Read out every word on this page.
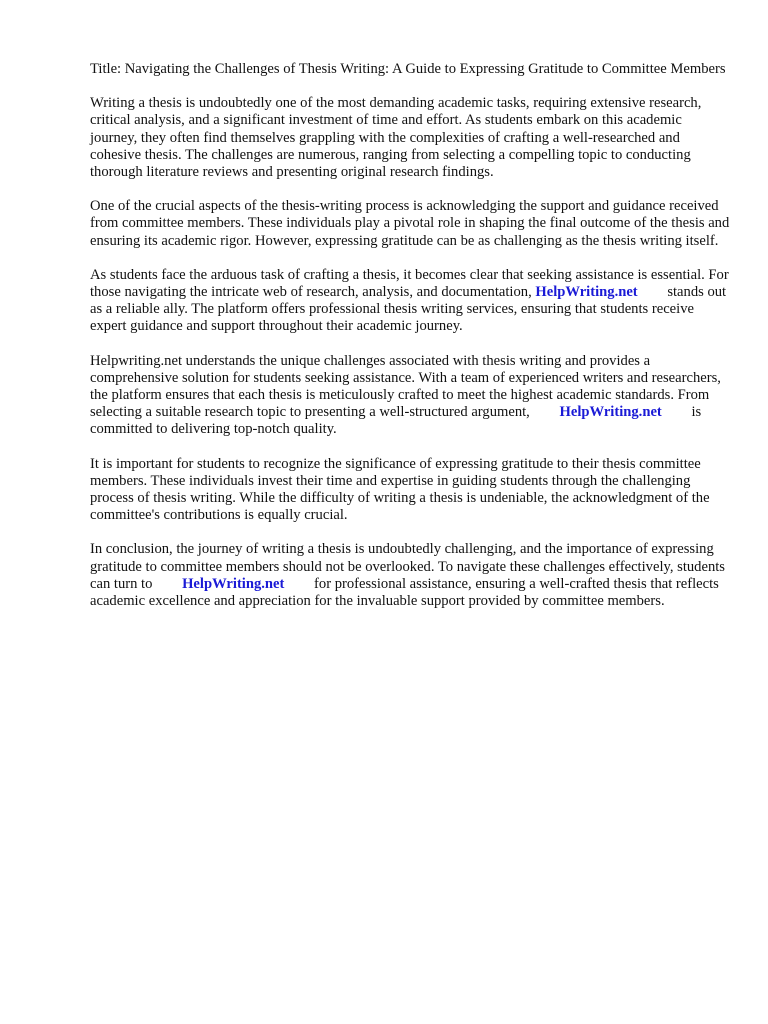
Title: Navigating the Challenges of Thesis Writing: A Guide to Expressing Gratitude to Committee Members

Writing a thesis is undoubtedly one of the most demanding academic tasks, requiring extensive research, critical analysis, and a significant investment of time and effort. As students embark on this academic journey, they often find themselves grappling with the complexities of crafting a well-researched and cohesive thesis. The challenges are numerous, ranging from selecting a compelling topic to conducting thorough literature reviews and presenting original research findings.

One of the crucial aspects of the thesis-writing process is acknowledging the support and guidance received from committee members. These individuals play a pivotal role in shaping the final outcome of the thesis and ensuring its academic rigor. However, expressing gratitude can be as challenging as the thesis writing itself.

As students face the arduous task of crafting a thesis, it becomes clear that seeking assistance is essential. For those navigating the intricate web of research, analysis, and documentation, HelpWriting.net stands out as a reliable ally. The platform offers professional thesis writing services, ensuring that students receive expert guidance and support throughout their academic journey.

Helpwriting.net understands the unique challenges associated with thesis writing and provides a comprehensive solution for students seeking assistance. With a team of experienced writers and researchers, the platform ensures that each thesis is meticulously crafted to meet the highest academic standards. From selecting a suitable research topic to presenting a well-structured argument, HelpWriting.net is committed to delivering top-notch quality.

It is important for students to recognize the significance of expressing gratitude to their thesis committee members. These individuals invest their time and expertise in guiding students through the challenging process of thesis writing. While the difficulty of writing a thesis is undeniable, the acknowledgment of the committee's contributions is equally crucial.

In conclusion, the journey of writing a thesis is undoubtedly challenging, and the importance of expressing gratitude to committee members should not be overlooked. To navigate these challenges effectively, students can turn to HelpWriting.net for professional assistance, ensuring a well-crafted thesis that reflects academic excellence and appreciation for the invaluable support provided by committee members.
